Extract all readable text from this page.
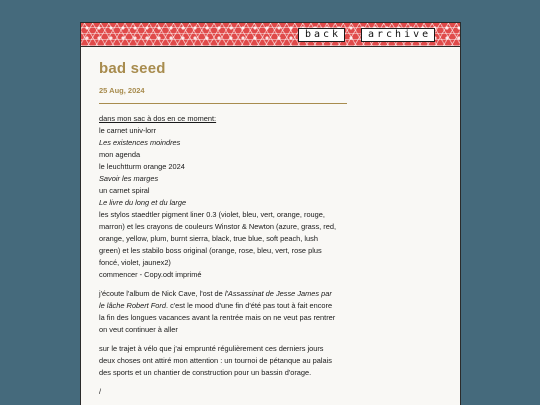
back	archive
bad seed
25 Aug, 2024
dans mon sac à dos en ce moment:
le carnet univ-lorr
Les existences moindres
mon agenda
le leuchtturm orange 2024
Savoir les marges
un carnet spiral
Le livre du long et du large
les stylos staedtler pigment liner 0.3 (violet, bleu, vert, orange, rouge,
marron) et les crayons de couleurs Winstor & Newton (azure, grass, red,
orange, yellow, plum, burnt sierra, black, true blue, soft peach, lush
green) et les stabilo boss original (orange, rose, bleu, vert, rose plus
foncé, violet, jaunex2)
commencer - Copy.odt imprimé
j'écoute l'album de Nick Cave, l'ost de l'Assassinat de Jesse James par
le lâche Robert Ford. c'est le mood d'une fin d'été pas tout à fait encore
la fin des longues vacances avant la rentrée mais on ne veut pas rentrer
on veut continuer à aller
sur le trajet à vélo que j'ai emprunté régulièrement ces derniers jours
deux choses ont attiré mon attention : un tournoi de pétanque au palais
des sports et un chantier de construction pour un bassin d'orage.
/
